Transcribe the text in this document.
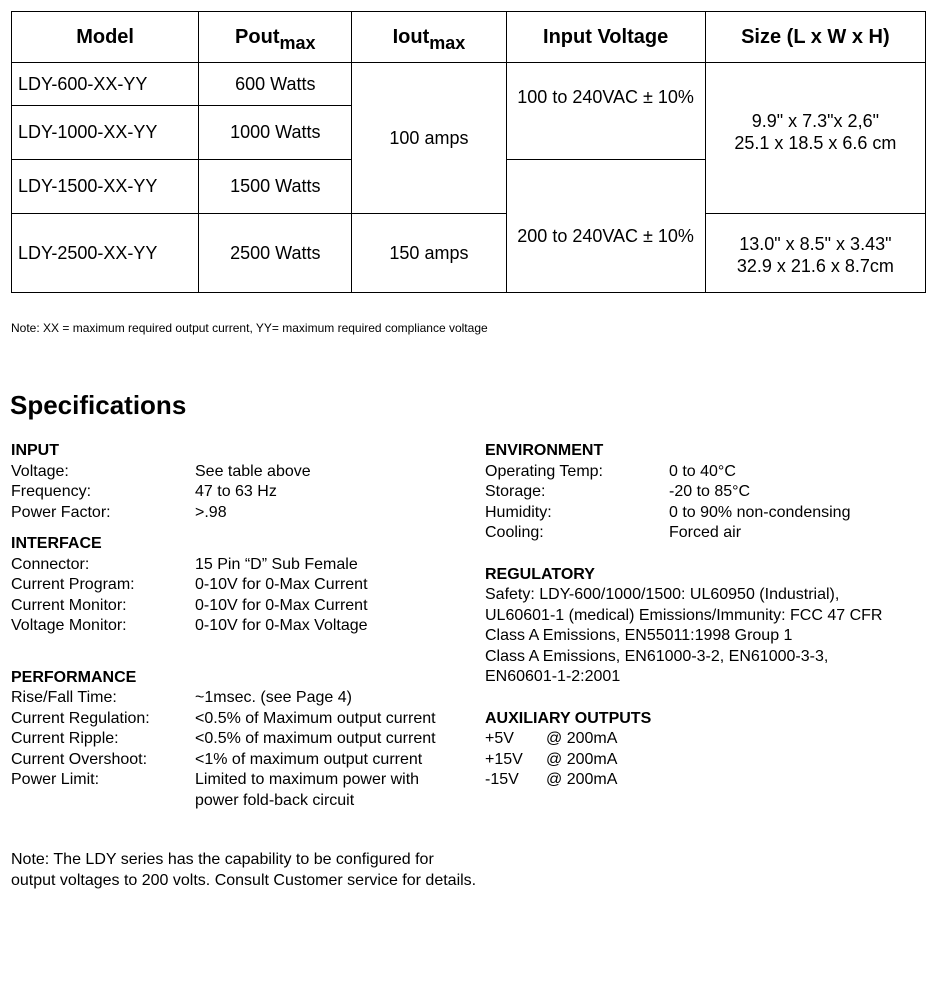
Model	Pout$_{max}$	Iout$_{max}$	Input Voltage	Size (L x W x H)
LDY-600-XX-YY	600 Watts	100 amps	100 to 240VAC ± 10%	9.9" x 7.3"x 2,6"
25.1 x 18.5 x 6.6 cm

LDY-1000-XX-YY	1000 Watts			
LDY-1500-XX-YY	1500 Watts		200 to 240VAC ± 10%	
LDY-2500-XX-YY	2500 Watts	150 amps		13.0" x 8.5" x 3.43"
32.9 x 21.6 x 8.7cm
Note: XX = maximum required output current, YY= maximum required compliance voltage
Specifications
INPUT
Voltage:	See table above
Frequency:	47 to 63 Hz
Power Factor:	>.98
INTERFACE
Connector:	15 Pin “D” Sub Female
Current Program:	0-10V for 0-Max Current
Current Monitor:	0-10V for 0-Max Current
Voltage Monitor:	0-10V for 0-Max Voltage
PERFORMANCE
Rise/Fall Time:	~1msec. (see Page 4)
Current Regulation:	<0.5% of Maximum output current
Current Ripple:	<0.5% of maximum output current
Current Overshoot:	<1% of maximum output current
Power Limit:	Limited to maximum power with
power fold-back circuit
Note: The LDY series has the capability to be configured for output voltages to 200 volts. Consult Customer service for details.
ENVIRONMENT
Operating Temp:	0 to 40°C
Storage:	-20 to 85°C
Humidity:	0 to 90% non-condensing
Cooling:	Forced air
REGULATORY
Safety: LDY-600/1000/1500: UL60950 (Industrial),
UL60601-1 (medical) Emissions/Immunity: FCC 47 CFR
Class A Emissions, EN55011:1998 Group 1
Class A Emissions, EN61000-3-2, EN61000-3-3,
EN60601-1-2:2001
AUXILIARY OUTPUTS
+5V	@ 200mA
+15V	@ 200mA
-15V	@ 200mA
